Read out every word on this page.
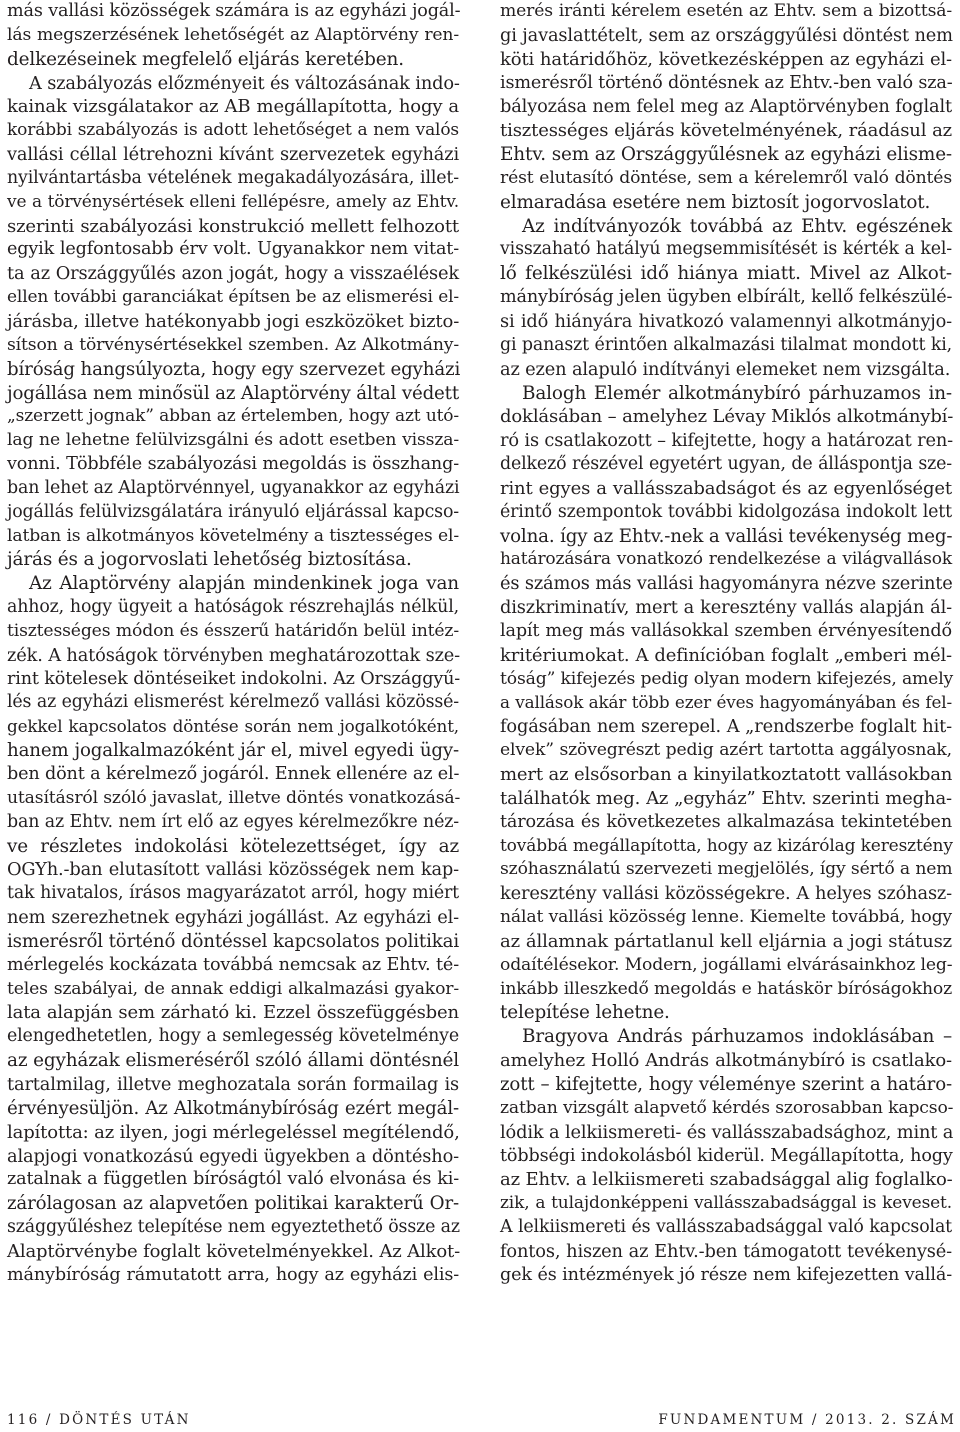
más vallási közösségek számára is az egyházi jogál-
lás megszerzésének lehetőségét az Alaptörvény ren-
delkezéseinek megfelelő eljárás keretében.
A szabályozás előzményeit és változásának indo-
kainak vizsgálatakor az AB megállapította, hogy a
korábbi szabályozás is adott lehetőséget a nem valós
vallási céllal létrehozni kívánt szervezetek egyházi
nyilvántartásba vételének megakadályozására, illet-
ve a törvénysértések elleni fellépésre, amely az Ehtv.
szerinti szabályozási konstrukció mellett felhozott
egyik legfontosabb érv volt. Ugyanakkor nem vitat-
ta az Országgyűlés azon jogát, hogy a visszaélések
ellen további garanciákat építsen be az elismerési el-
járásba, illetve hatékonyabb jogi eszközöket bizto-
sítson a törvénysértésekkel szemben. Az Alkotmány-
bíróság hangsúlyozta, hogy egy szervezet egyházi
jogállása nem minősül az Alaptörvény által védett
„szerzett jognak” abban az értelemben, hogy azt utó-
lag ne lehetne felülvizsgálni és adott esetben vissza-
vonni. Többféle szabályozási megoldás is összhang-
ban lehet az Alaptörvénnyel, ugyanakkor az egyházi
jogállás felülvizsgálatára irányuló eljárással kapcso-
latban is alkotmányos követelmény a tisztességes el-
járás és a jogorvoslati lehetőség biztosítása.
Az Alaptörvény alapján mindenkinek joga van
ahhoz, hogy ügyeit a hatóságok részrehajlás nélkül,
tisztességes módon és ésszerű határidőn belül intéz-
zék. A hatóságok törvényben meghatározottak sze-
rint kötelesek döntéseiket indokolni. Az Országgyű-
lés az egyházi elismerést kérelmező vallási közössé-
gekkel kapcsolatos döntése során nem jogalkotóként,
hanem jogalkalmazóként jár el, mivel egyedi ügy-
ben dönt a kérelmező jogáról. Ennek ellenére az el-
utasításról szóló javaslat, illetve döntés vonatkozásá-
ban az Ehtv. nem írt elő az egyes kérelmezőkre néz-
ve részletes indokolási kötelezettséget, így az
OGYh.-ban elutasított vallási közösségek nem kap-
tak hivatalos, írásos magyarázatot arról, hogy miért
nem szerezhetnek egyházi jogállást. Az egyházi el-
ismerésről történő döntéssel kapcsolatos politikai
mérlegelés kockázata továbbá nemcsak az Ehtv. té-
teles szabályai, de annak eddigi alkalmazási gyakor-
lata alapján sem zárható ki. Ezzel összefüggésben
elengedhetetlen, hogy a semlegesség követelménye
az egyházak elismeréséről szóló állami döntésnél
tartalmilag, illetve meghozatala során formailag is
érvényesüljön. Az Alkotmánybíróság ezért megál-
lapította: az ilyen, jogi mérlegeléssel megítélendő,
alapjogi vonatkozású egyedi ügyekben a döntésho-
zatalnak a független bíróságtól való elvonása és ki-
zárólagosan az alapvetően politikai karakterű Or-
szággyűléshez telepítése nem egyeztethető össze az
Alaptörvénybe foglalt követelményekkel. Az Alkot-
mánybíróság rámutatott arra, hogy az egyházi elis-
merés iránti kérelem esetén az Ehtv. sem a bizottsá-
gi javaslattételt, sem az országgyűlési döntést nem
köti határidőhöz, következésképpen az egyházi el-
ismerésről történő döntésnek az Ehtv.-ben való sza-
bályozása nem felel meg az Alaptörvényben foglalt
tisztességes eljárás követelményének, ráadásul az
Ehtv. sem az Országgyűlésnek az egyházi elisme-
rést elutasító döntése, sem a kérelemről való döntés
elmaradása esetére nem biztosít jogorvoslatot.
Az indítványozók továbbá az Ehtv. egészének
visszaható hatályú megsemmisítését is kérték a kel-
lő felkészülési idő hiánya miatt. Mivel az Alkot-
mánybíróság jelen ügyben elbírált, kellő felkészülé-
si idő hiányára hivatkozó valamennyi alkotmányjo-
gi panaszt érintően alkalmazási tilalmat mondott ki,
az ezen alapuló indítványi elemeket nem vizsgálta.
Balogh Elemér alkotmánybíró párhuzamos in-
doklásában – amelyhez Lévay Miklós alkotmánybí-
ró is csatlakozott – kifejtette, hogy a határozat ren-
delkező részével egyetért ugyan, de álláspontja sze-
rint egyes a vallásszabadságot és az egyenlőséget
érintő szempontok további kidolgozása indokolt lett
volna. így az Ehtv.-nek a vallási tevékenység meg-
határozására vonatkozó rendelkezése a világvallások
és számos más vallási hagyományra nézve szerinte
diszkriminatív, mert a keresztény vallás alapján ál-
lapít meg más vallásokkal szemben érvényesítendő
kritériumokat. A definícióban foglalt „emberi mél-
tóság” kifejezés pedig olyan modern kifejezés, amely
a vallások akár több ezer éves hagyományában és fel-
fogásában nem szerepel. A „rendszerbe foglalt hit-
elvek” szövegrészt pedig azért tartotta aggályosnak,
mert az elsősorban a kinyilatkoztatott vallásokban
találhatók meg. Az „egyház” Ehtv. szerinti megha-
tározása és következetes alkalmazása tekintetében
továbbá megállapította, hogy az kizárólag keresztény
szóhasználatú szervezeti megjelölés, így sértő a nem
keresztény vallási közösségekre. A helyes szóhasz-
nálat vallási közösség lenne. Kiemelte továbbá, hogy
az államnak pártatlanul kell eljárnia a jogi státusz
odaítélésekor. Modern, jogállami elvárásainkhoz leg-
inkább illeszkedő megoldás e hatáskör bíróságokhoz
telepítése lehetne.
Bragyova András párhuzamos indoklásában –
amelyhez Holló András alkotmánybíró is csatlako-
zott – kifejtette, hogy véleménye szerint a határo-
zatban vizsgált alapvető kérdés szorosabban kapcso-
lódik a lelkiismereti- és vallásszabadsághoz, mint a
többségi indokolásból kiderül. Megállapította, hogy
az Ehtv. a lelkiismereti szabadsággal alig foglalko-
zik, a tulajdonképpeni vallásszabadsággal is keveset.
A lelkiismereti és vallásszabadsággal való kapcsolat
fontos, hiszen az Ehtv.-ben támogatott tevékenysé-
gek és intézmények jó része nem kifejezetten vallá-
116 / DÖNTÉS UTÁN	FUNDAMENTUM / 2013. 2. SZÁM
